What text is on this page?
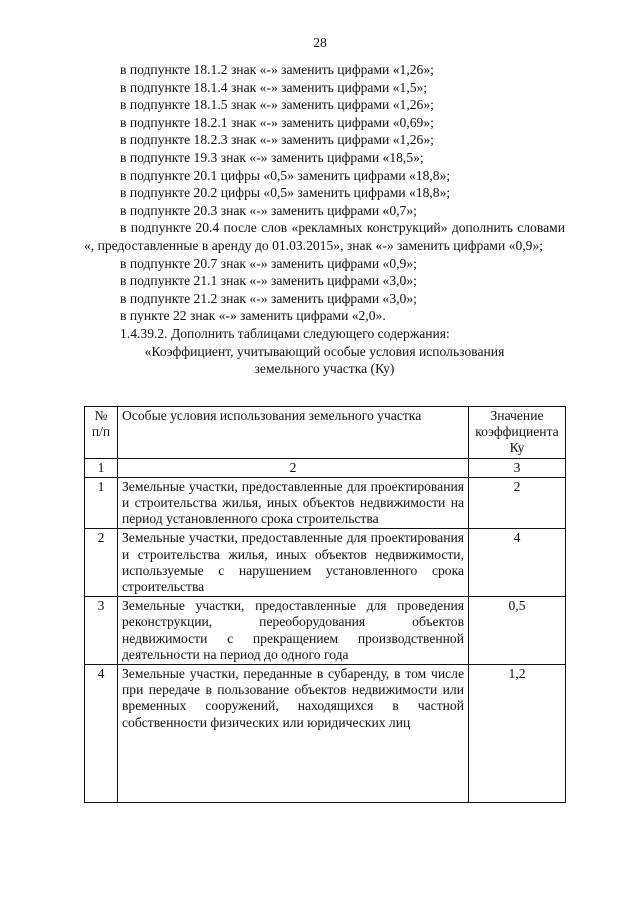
28

в подпункте 18.1.2 знак «-» заменить цифрами «1,26»;

в подпункте 18.1.4 знак «-» заменить цифрами «1,5»;

в подпункте 18.1.5 знак «-» заменить цифрами «1,26»;

в подпункте 18.2.1 знак «-» заменить цифрами «0,69»;

в подпункте 18.2.3 знак «-» заменить цифрами «1,26»;

в подпункте 19.3 знак «-» заменить цифрами «18,5»;

в подпункте 20.1 цифры «0,5» заменить цифрами «18,8»;

в подпункте 20.2 цифры «0,5» заменить цифрами «18,8»;

в подпункте 20.3 знак «-» заменить цифрами «0,7»;

в подпункте 20.4 после слов «рекламных конструкций» дополнить словами «, предоставленные в аренду до 01.03.2015», знак «-» заменить цифрами «0,9»;

в подпункте 20.7 знак «-» заменить цифрами «0,9»;

в подпункте 21.1 знак «-» заменить цифрами «3,0»;

в подпункте 21.2 знак «-» заменить цифрами «3,0»;

в пункте 22 знак «-» заменить цифрами «2,0».

1.4.39.2. Дополнить таблицами следующего содержания:

«Коэффициент, учитывающий особые условия использования

земельного участка (Ку)

№ п/п	Особые условия использования земельного участка	Значение коэффициента Ку
1	2	3
1	Земельные участки, предоставленные для проектирования и строительства жилья, иных объектов недвижимости на период установленного срока строительства	2
2	Земельные участки, предоставленные для проектирования и строительства жилья, иных объектов недвижимости, используемые с нарушением установленного срока строительства	4
3	Земельные участки, предоставленные для проведения реконструкции, переоборудования объектов недвижимости с прекращением производственной деятельности на период до одного года	0,5
4	Земельные участки, переданные в субаренду, в том числе при передаче в пользование объектов недвижимости или временных сооружений, находящихся в частной собственности физических или юридических лиц	1,2
